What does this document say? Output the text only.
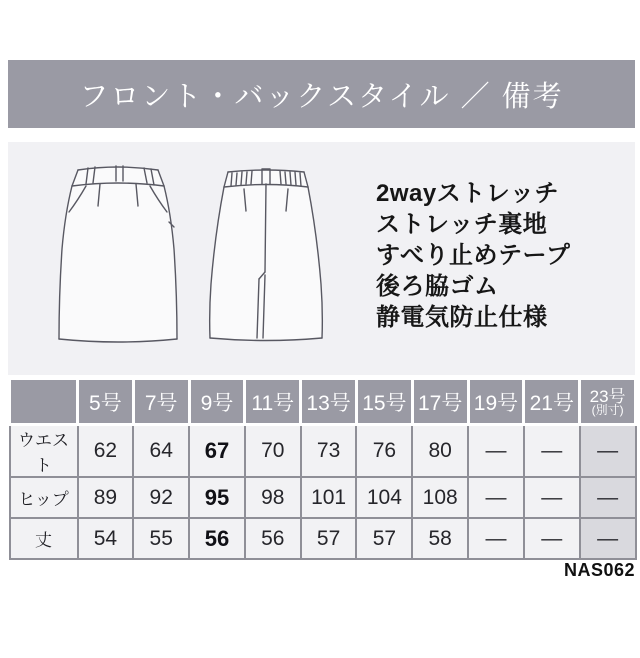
フロント・バックスタイル ／ 備考
2wayストレッチ
ストレッチ裏地
すべり止めテープ
後ろ脇ゴム
静電気防止仕様
	5号	7号	9号	11号	13号	15号	17号	19号	21号	23号
(別寸)

ウエスト	62	64	67	70	73	76	80	—	—	—
ヒップ	89	92	95	98	101	104	108	—	—	—
丈	54	55	56	56	57	57	58	—	—	—
NAS062
